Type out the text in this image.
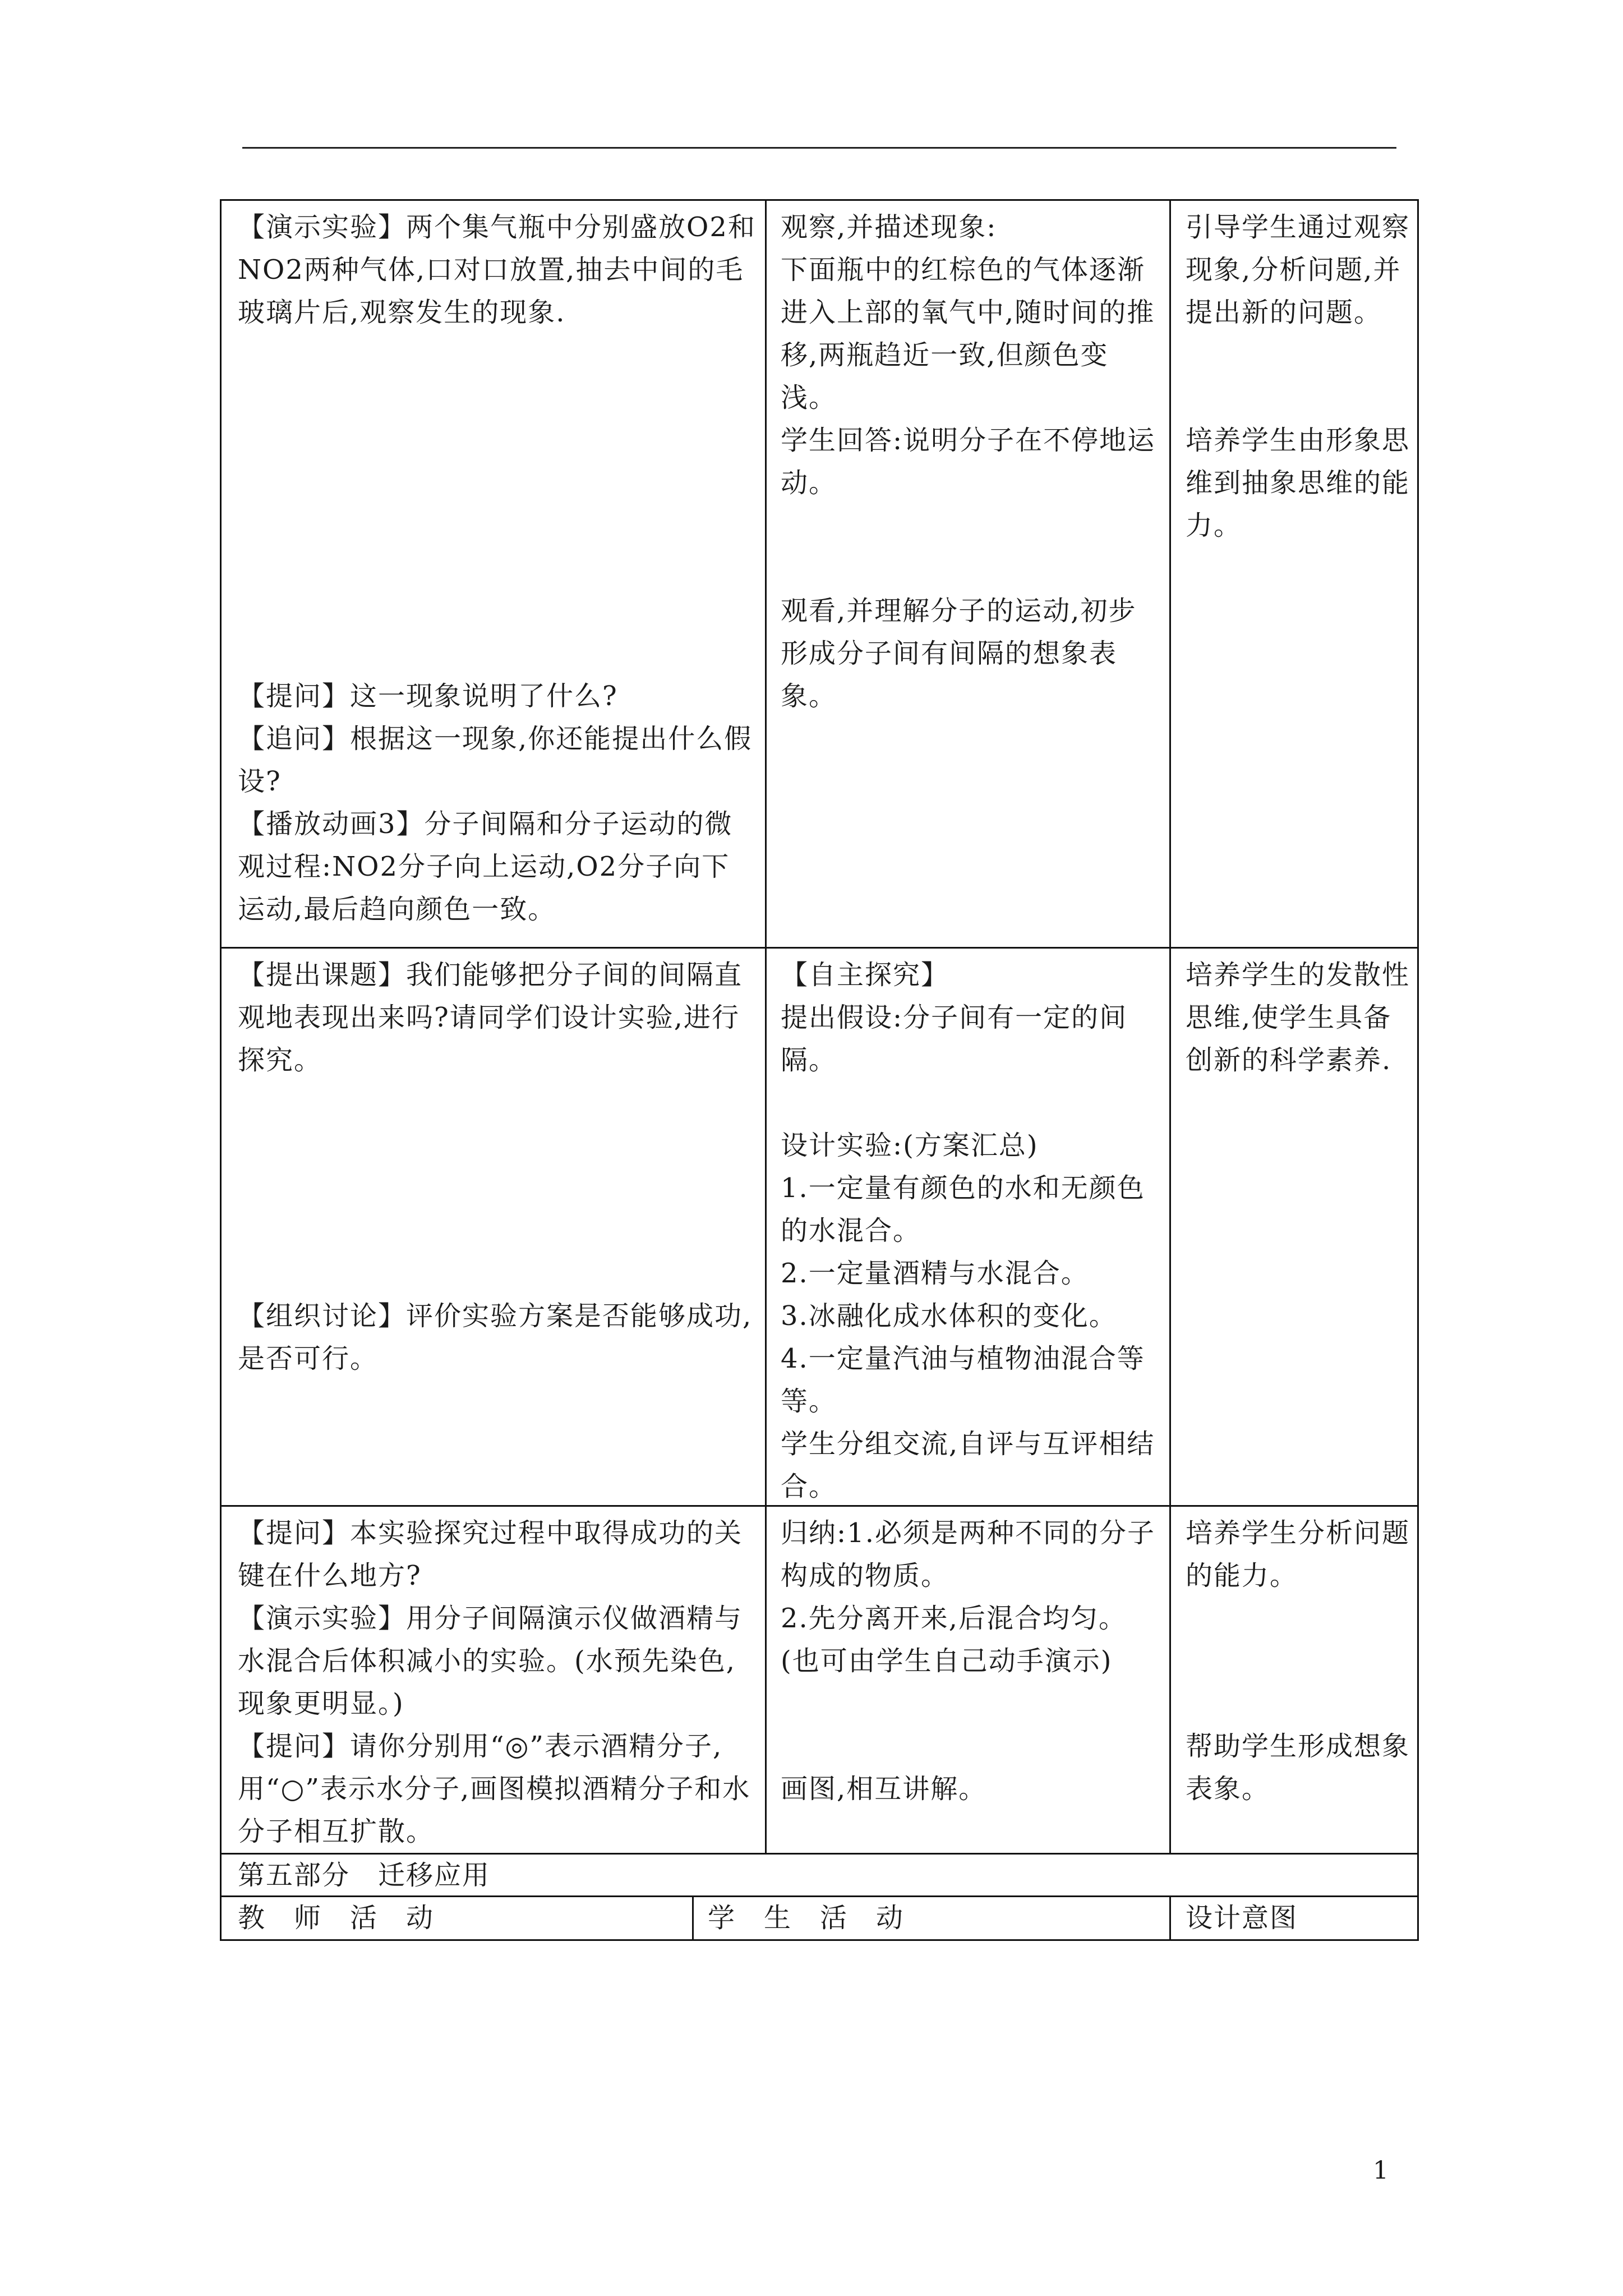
【演示实验】两个集气瓶中分别盛放O2和NO2两种气体,口对口放置,抽去中间的毛玻璃片后,观察发生的现象.

【提问】这一现象说明了什么?

【追问】根据这一现象,你还能提出什么假设?

【播放动画3】分子间隔和分子运动的微观过程:NO2分子向上运动,O2分子向下运动,最后趋向颜色一致。

观察,并描述现象:

下面瓶中的红棕色的气体逐渐进入上部的氧气中,随时间的推移,两瓶趋近一致,但颜色变浅。

学生回答:说明分子在不停地运动。

观看,并理解分子的运动,初步形成分子间有间隔的想象表象。

引导学生通过观察现象,分析问题,并提出新的问题。

培养学生由形象思维到抽象思维的能力。

【提出课题】我们能够把分子间的间隔直观地表现出来吗?请同学们设计实验,进行探究。

【组织讨论】评价实验方案是否能够成功,是否可行。

【自主探究】

提出假设:分子间有一定的间隔。

设计实验:(方案汇总)

1.一定量有颜色的水和无颜色的水混合。

2.一定量酒精与水混合。

3.冰融化成水体积的变化。

4.一定量汽油与植物油混合等等。

学生分组交流,自评与互评相结合。

培养学生的发散性思维,使学生具备创新的科学素养.

【提问】本实验探究过程中取得成功的关键在什么地方?

【演示实验】用分子间隔演示仪做酒精与水混合后体积减小的实验。(水预先染色,现象更明显。)

【提问】请你分别用“◎”表示酒精分子,用“○”表示水分子,画图模拟酒精分子和水分子相互扩散。

归纳:1.必须是两种不同的分子构成的物质。

2.先分离开来,后混合均匀。(也可由学生自己动手演示)

画图,相互讲解。

培养学生分析问题的能力。

帮助学生形成想象表象。

第五部分　迁移应用
教　师　活　动	学　生　活　动	设计意图
1
